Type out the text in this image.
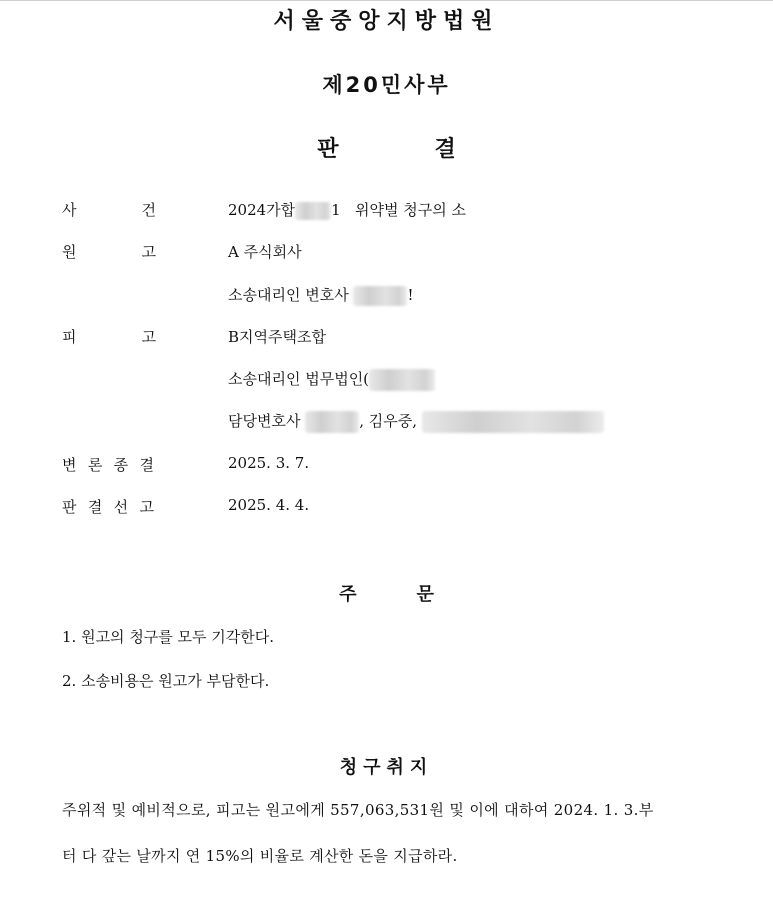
서울중앙지방법원
제20민사부
판	결
사	건	2024가합 1 위약벌 청구의 소
원	고	A 주식회사
소송대리인 변호사	!
피	고	B지역주택조합
소송대리인 법무법인(
담당변호사	, 김우중,
변 론 종 결	2025. 3. 7.
판 결 선 고	2025. 4. 4.
주	문
1. 원고의 청구를 모두 기각한다.
2. 소송비용은 원고가 부담한다.
청구취지
주위적 및 예비적으로, 피고는 원고에게 557,063,531원 및 이에 대하여 2024. 1. 3.부
터 다 갚는 날까지 연 15%의 비율로 계산한 돈을 지급하라.
